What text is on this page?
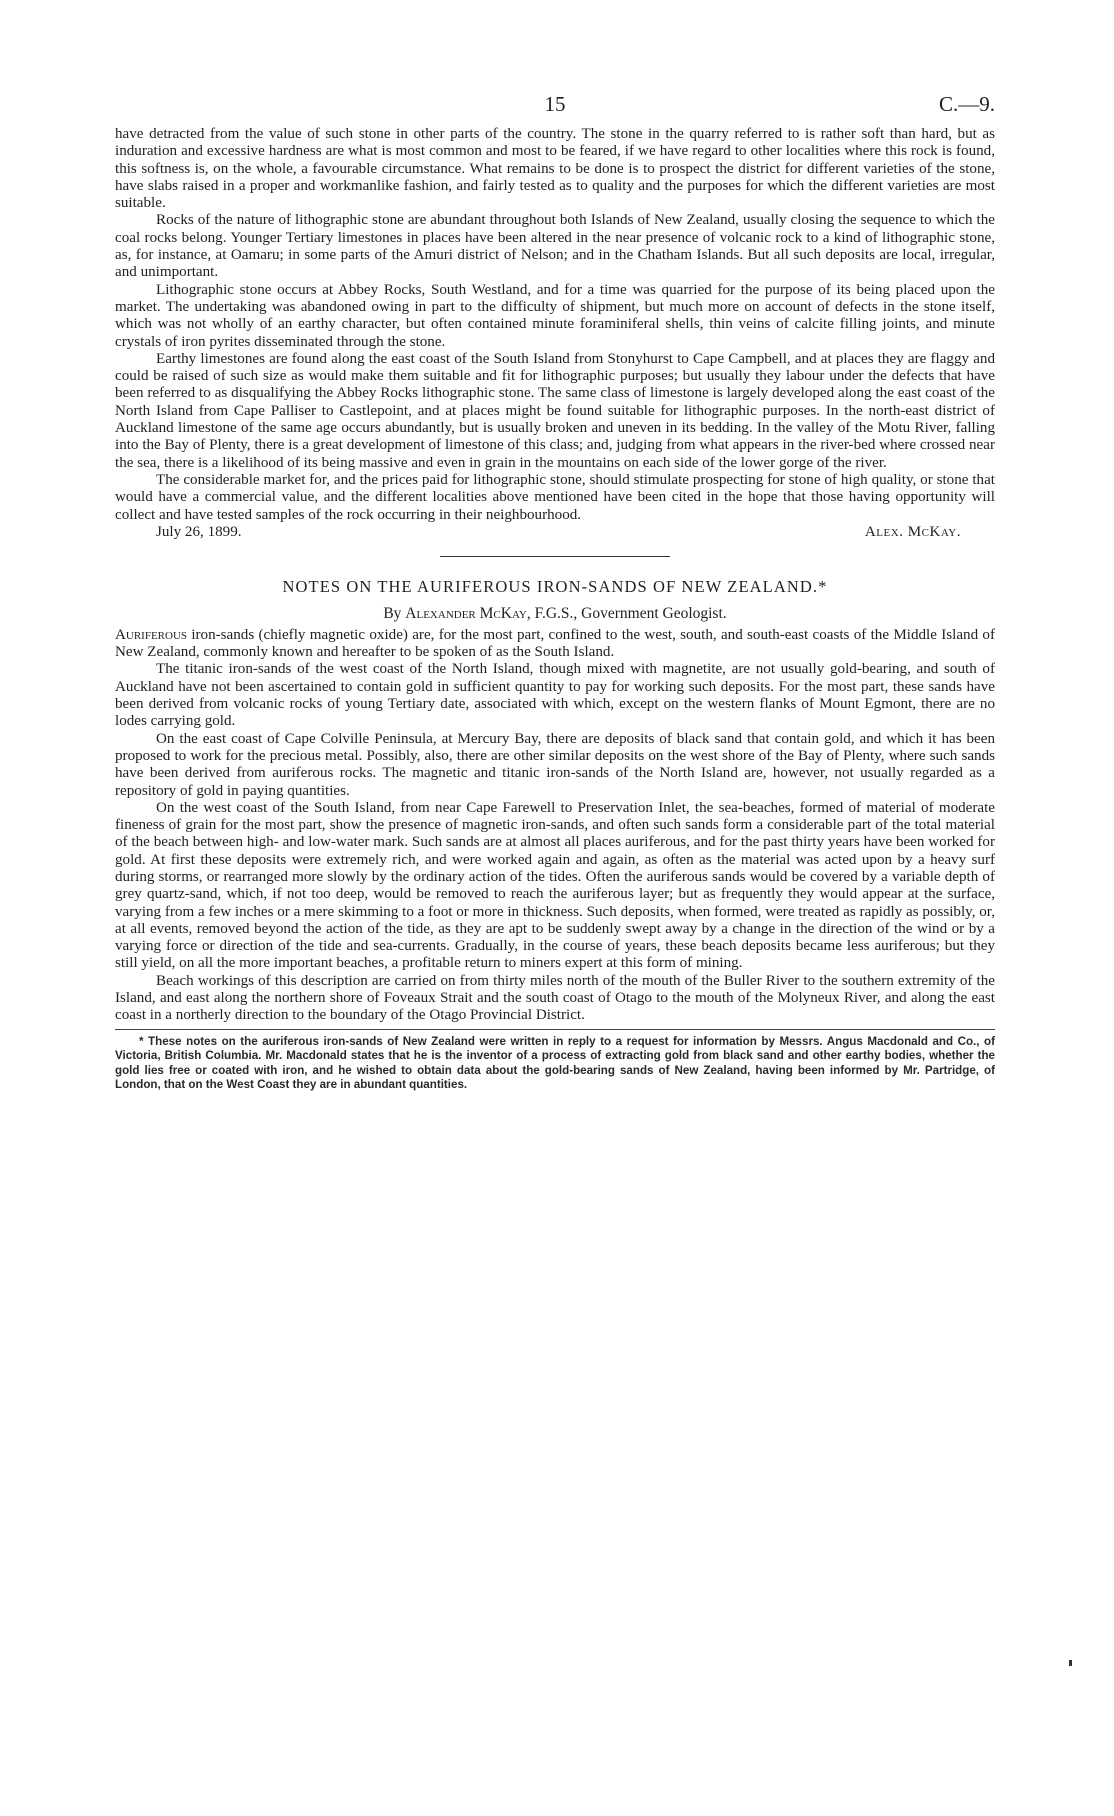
15	C.—9.

have detracted from the value of such stone in other parts of the country. The stone in the quarry referred to is rather soft than hard, but as induration and excessive hardness are what is most common and most to be feared, if we have regard to other localities where this rock is found, this softness is, on the whole, a favourable circumstance. What remains to be done is to prospect the district for different varieties of the stone, have slabs raised in a proper and workmanlike fashion, and fairly tested as to quality and the purposes for which the different varieties are most suitable.

Rocks of the nature of lithographic stone are abundant throughout both Islands of New Zealand, usually closing the sequence to which the coal rocks belong. Younger Tertiary limestones in places have been altered in the near presence of volcanic rock to a kind of lithographic stone, as, for instance, at Oamaru; in some parts of the Amuri district of Nelson; and in the Chatham Islands. But all such deposits are local, irregular, and unimportant.

Lithographic stone occurs at Abbey Rocks, South Westland, and for a time was quarried for the purpose of its being placed upon the market. The undertaking was abandoned owing in part to the difficulty of shipment, but much more on account of defects in the stone itself, which was not wholly of an earthy character, but often contained minute foraminiferal shells, thin veins of calcite filling joints, and minute crystals of iron pyrites disseminated through the stone.

Earthy limestones are found along the east coast of the South Island from Stonyhurst to Cape Campbell, and at places they are flaggy and could be raised of such size as would make them suitable and fit for lithographic purposes; but usually they labour under the defects that have been referred to as disqualifying the Abbey Rocks lithographic stone. The same class of limestone is largely developed along the east coast of the North Island from Cape Palliser to Castlepoint, and at places might be found suitable for lithographic purposes. In the north-east district of Auckland limestone of the same age occurs abundantly, but is usually broken and uneven in its bedding. In the valley of the Motu River, falling into the Bay of Plenty, there is a great development of limestone of this class; and, judging from what appears in the river-bed where crossed near the sea, there is a likelihood of its being massive and even in grain in the mountains on each side of the lower gorge of the river.

The considerable market for, and the prices paid for lithographic stone, should stimulate prospecting for stone of high quality, or stone that would have a commercial value, and the different localities above mentioned have been cited in the hope that those having opportunity will collect and have tested samples of the rock occurring in their neighbourhood.

July 26, 1899.	Alex. McKay.

NOTES ON THE AURIFEROUS IRON-SANDS OF NEW ZEALAND.*

By Alexander McKay, F.G.S., Government Geologist.

Auriferous iron-sands (chiefly magnetic oxide) are, for the most part, confined to the west, south, and south-east coasts of the Middle Island of New Zealand, commonly known and hereafter to be spoken of as the South Island.

The titanic iron-sands of the west coast of the North Island, though mixed with magnetite, are not usually gold-bearing, and south of Auckland have not been ascertained to contain gold in sufficient quantity to pay for working such deposits. For the most part, these sands have been derived from volcanic rocks of young Tertiary date, associated with which, except on the western flanks of Mount Egmont, there are no lodes carrying gold.

On the east coast of Cape Colville Peninsula, at Mercury Bay, there are deposits of black sand that contain gold, and which it has been proposed to work for the precious metal. Possibly, also, there are other similar deposits on the west shore of the Bay of Plenty, where such sands have been derived from auriferous rocks. The magnetic and titanic iron-sands of the North Island are, however, not usually regarded as a repository of gold in paying quantities.

On the west coast of the South Island, from near Cape Farewell to Preservation Inlet, the sea-beaches, formed of material of moderate fineness of grain for the most part, show the presence of magnetic iron-sands, and often such sands form a considerable part of the total material of the beach between high- and low-water mark. Such sands are at almost all places auriferous, and for the past thirty years have been worked for gold. At first these deposits were extremely rich, and were worked again and again, as often as the material was acted upon by a heavy surf during storms, or rearranged more slowly by the ordinary action of the tides. Often the auriferous sands would be covered by a variable depth of grey quartz-sand, which, if not too deep, would be removed to reach the auriferous layer; but as frequently they would appear at the surface, varying from a few inches or a mere skimming to a foot or more in thickness. Such deposits, when formed, were treated as rapidly as possibly, or, at all events, removed beyond the action of the tide, as they are apt to be suddenly swept away by a change in the direction of the wind or by a varying force or direction of the tide and sea-currents. Gradually, in the course of years, these beach deposits became less auriferous; but they still yield, on all the more important beaches, a profitable return to miners expert at this form of mining.

Beach workings of this description are carried on from thirty miles north of the mouth of the Buller River to the southern extremity of the Island, and east along the northern shore of Foveaux Strait and the south coast of Otago to the mouth of the Molyneux River, and along the east coast in a northerly direction to the boundary of the Otago Provincial District.

* These notes on the auriferous iron-sands of New Zealand were written in reply to a request for information by Messrs. Angus Macdonald and Co., of Victoria, British Columbia. Mr. Macdonald states that he is the inventor of a process of extracting gold from black sand and other earthy bodies, whether the gold lies free or coated with iron, and he wished to obtain data about the gold-bearing sands of New Zealand, having been informed by Mr. Partridge, of London, that on the West Coast they are in abundant quantities.
